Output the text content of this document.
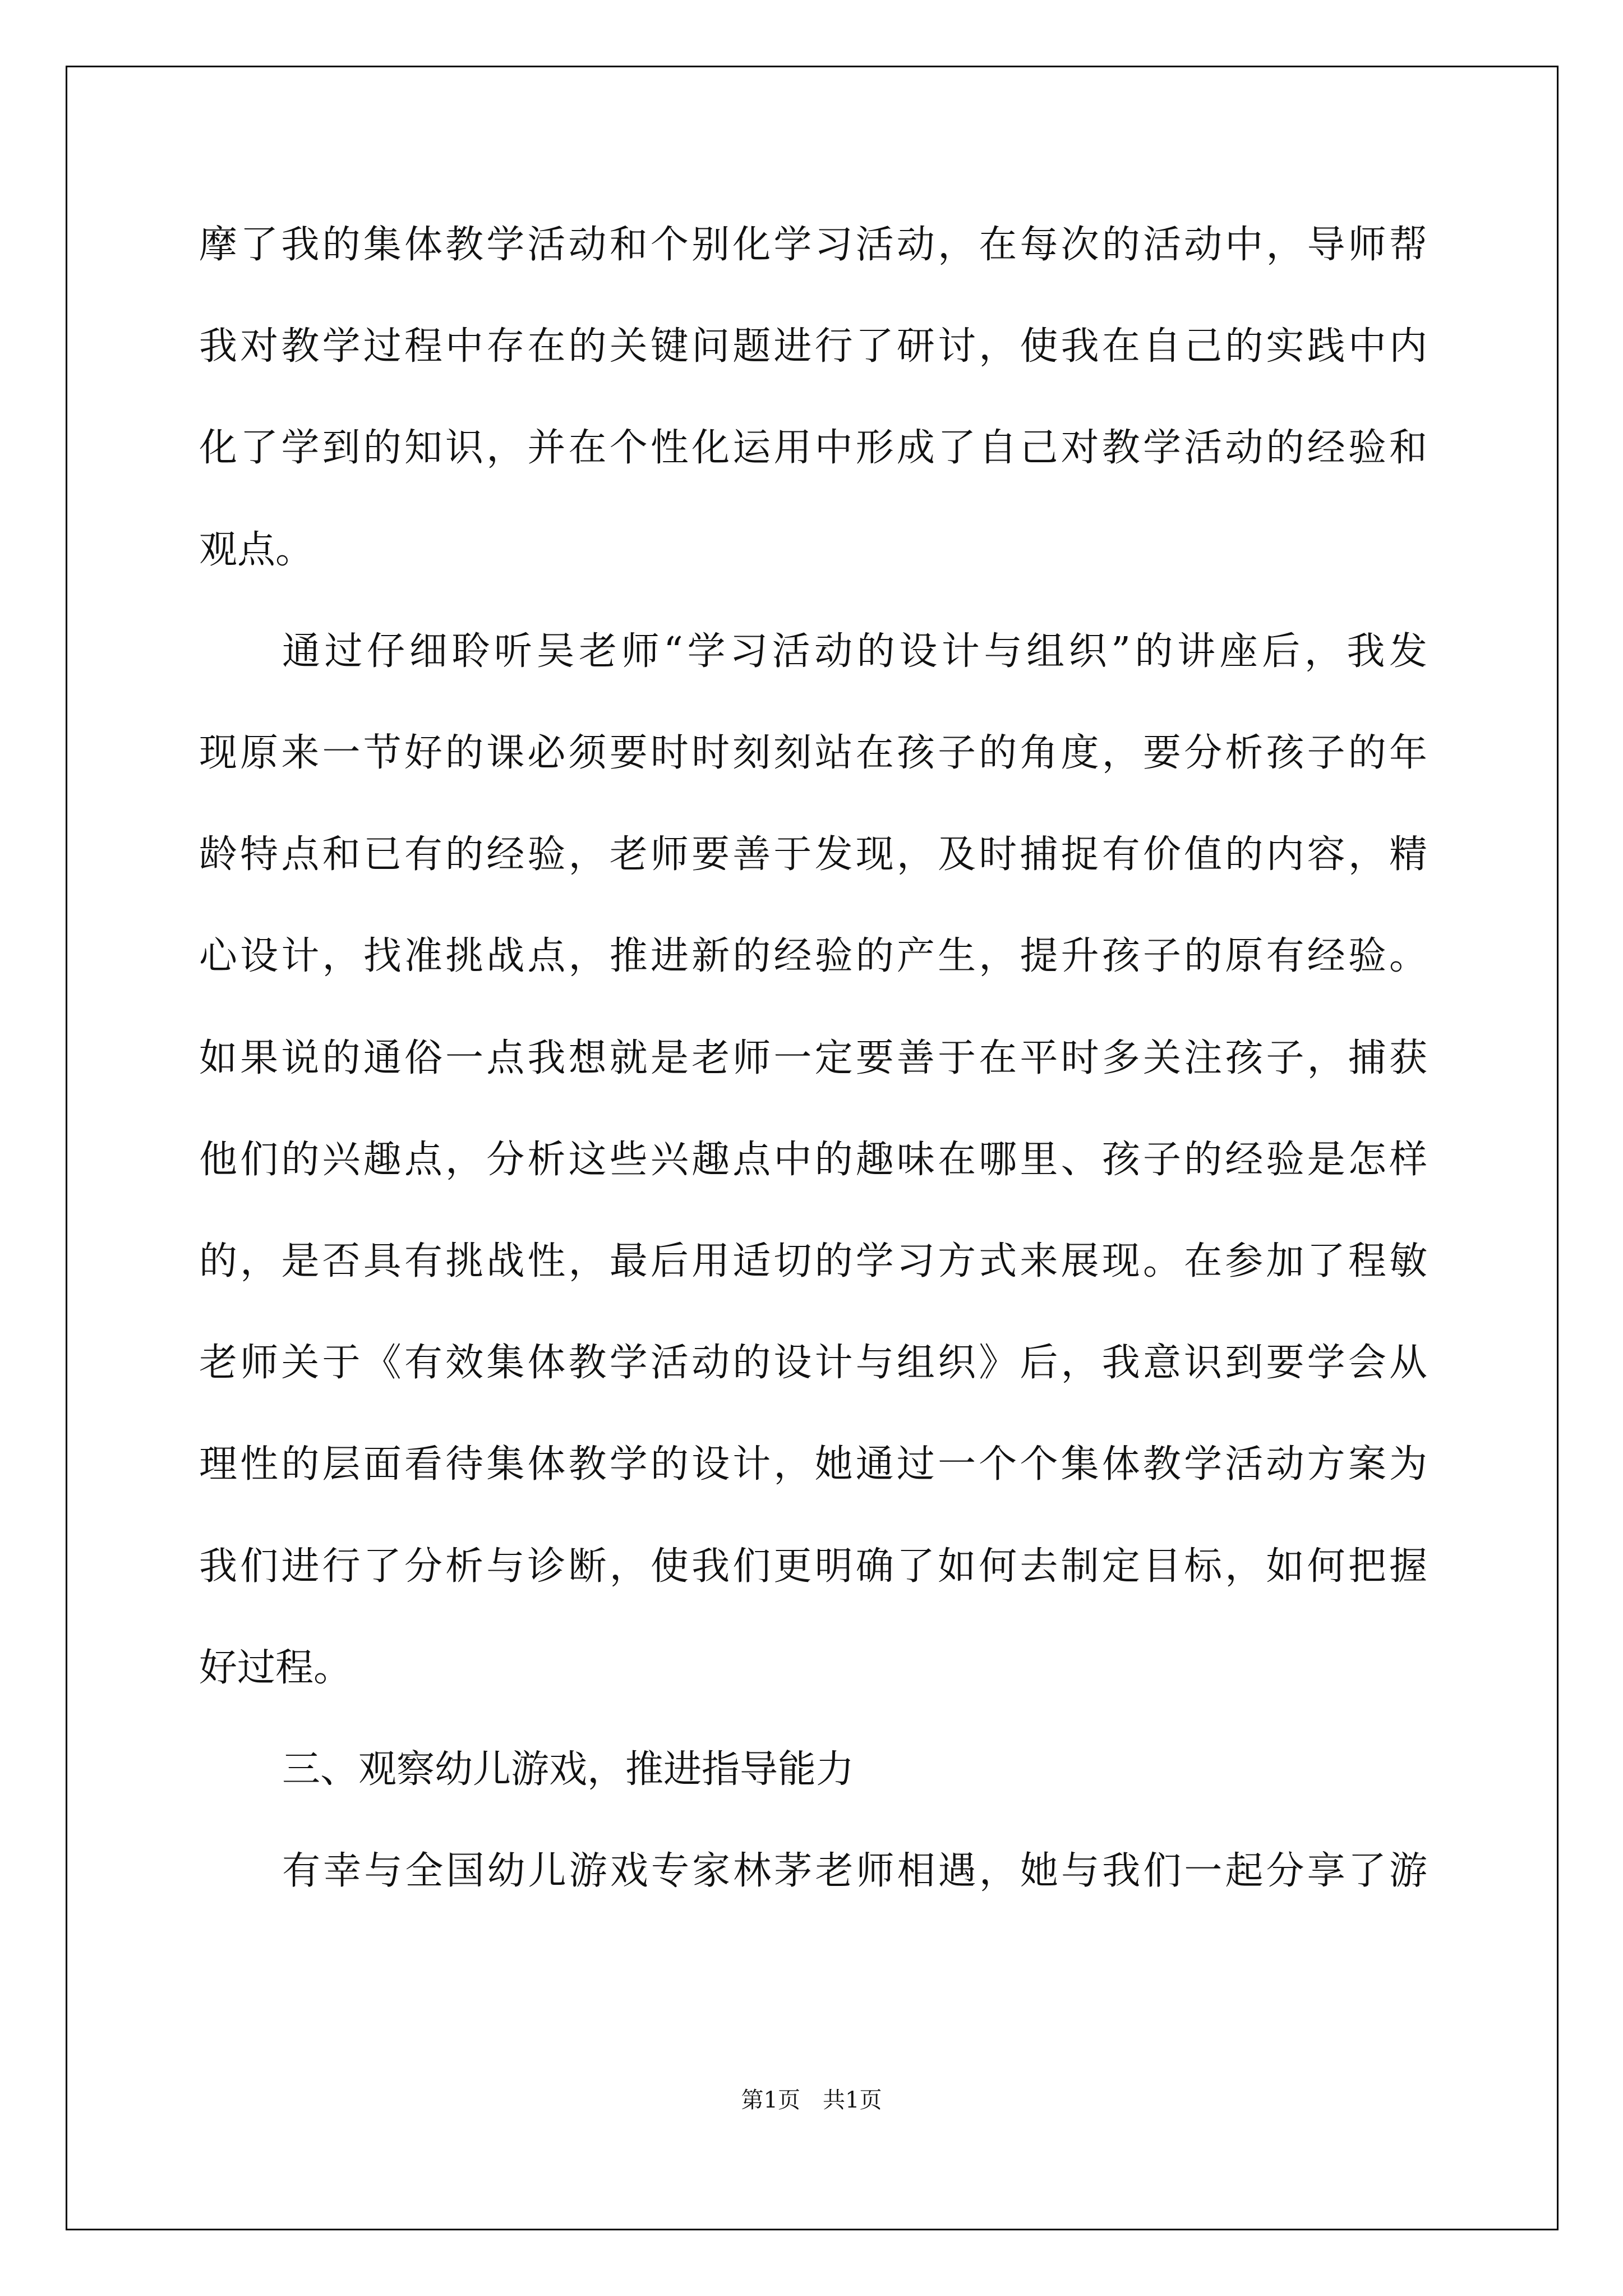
摩了我的集体教学活动和个别化学习活动，在每次的活动中，导师帮
我对教学过程中存在的关键问题进行了研讨，使我在自己的实践中内
化了学到的知识，并在个性化运用中形成了自己对教学活动的经验和
观点。
通过仔细聆听吴老师“学习活动的设计与组织”的讲座后，我发
现原来一节好的课必须要时时刻刻站在孩子的角度，要分析孩子的年
龄特点和已有的经验，老师要善于发现，及时捕捉有价值的内容，精
心设计，找准挑战点，推进新的经验的产生，提升孩子的原有经验。
如果说的通俗一点我想就是老师一定要善于在平时多关注孩子，捕获
他们的兴趣点，分析这些兴趣点中的趣味在哪里、孩子的经验是怎样
的，是否具有挑战性，最后用适切的学习方式来展现。在参加了程敏
老师关于《有效集体教学活动的设计与组织》后，我意识到要学会从
理性的层面看待集体教学的设计，她通过一个个集体教学活动方案为
我们进行了分析与诊断，使我们更明确了如何去制定目标，如何把握
好过程。
三、观察幼儿游戏，推进指导能力
有幸与全国幼儿游戏专家林茅老师相遇，她与我们一起分享了游
第1页 共1页
